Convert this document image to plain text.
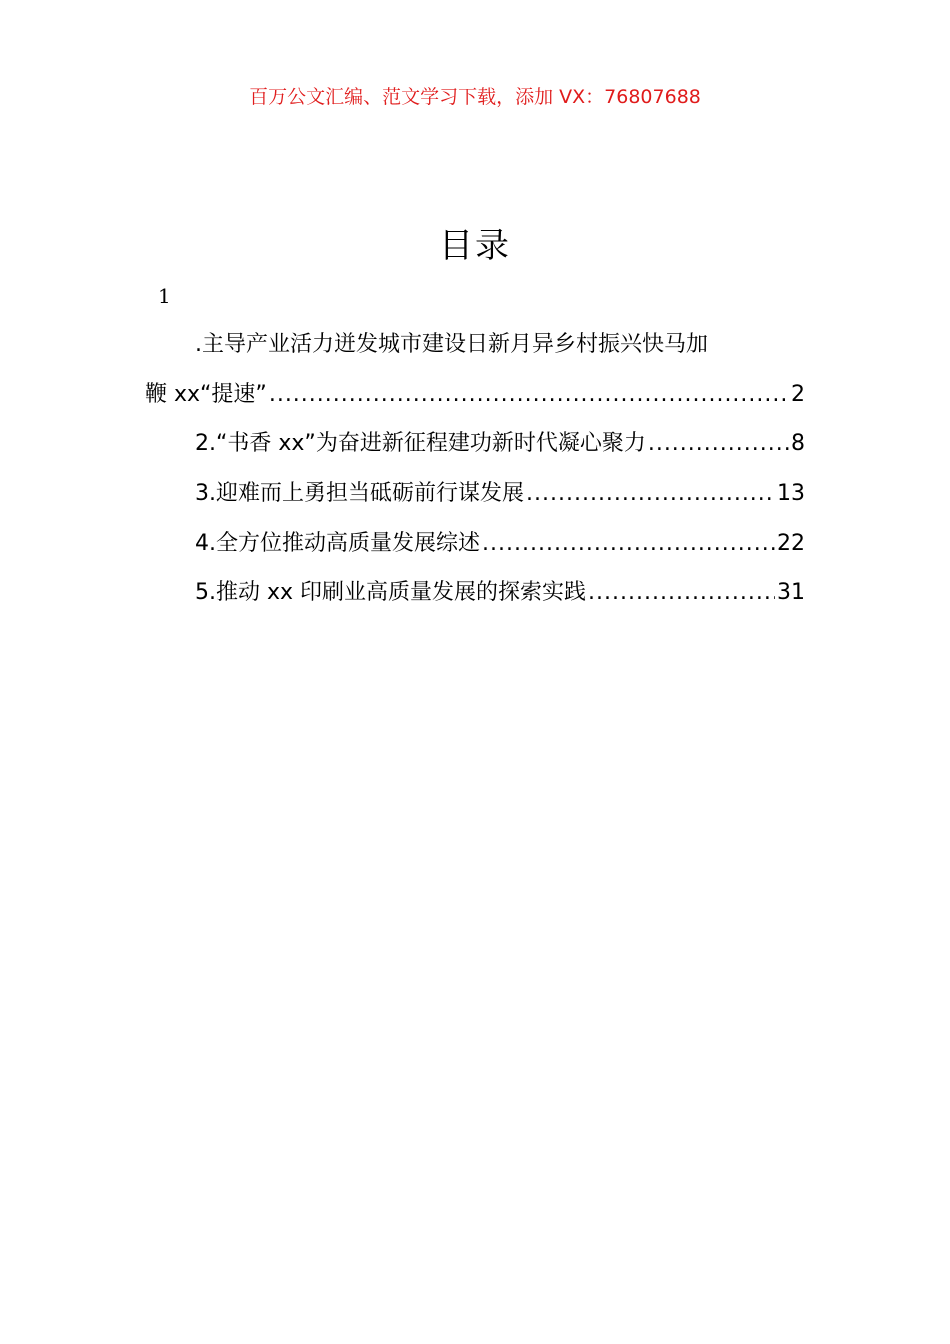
百万公文汇编、范文学习下载，添加 VX：76807688
目录
1
.主导产业活力迸发城市建设日新月异乡村振兴快马加
鞭 xx“提速” .....	2
2.“书香 xx”为奋进新征程建功新时代凝心聚力 .....	8
3.迎难而上勇担当砥砺前行谋发展 .....	13
4.全方位推动高质量发展综述 .....	22
5.推动 xx 印刷业高质量发展的探索实践 .....	31
